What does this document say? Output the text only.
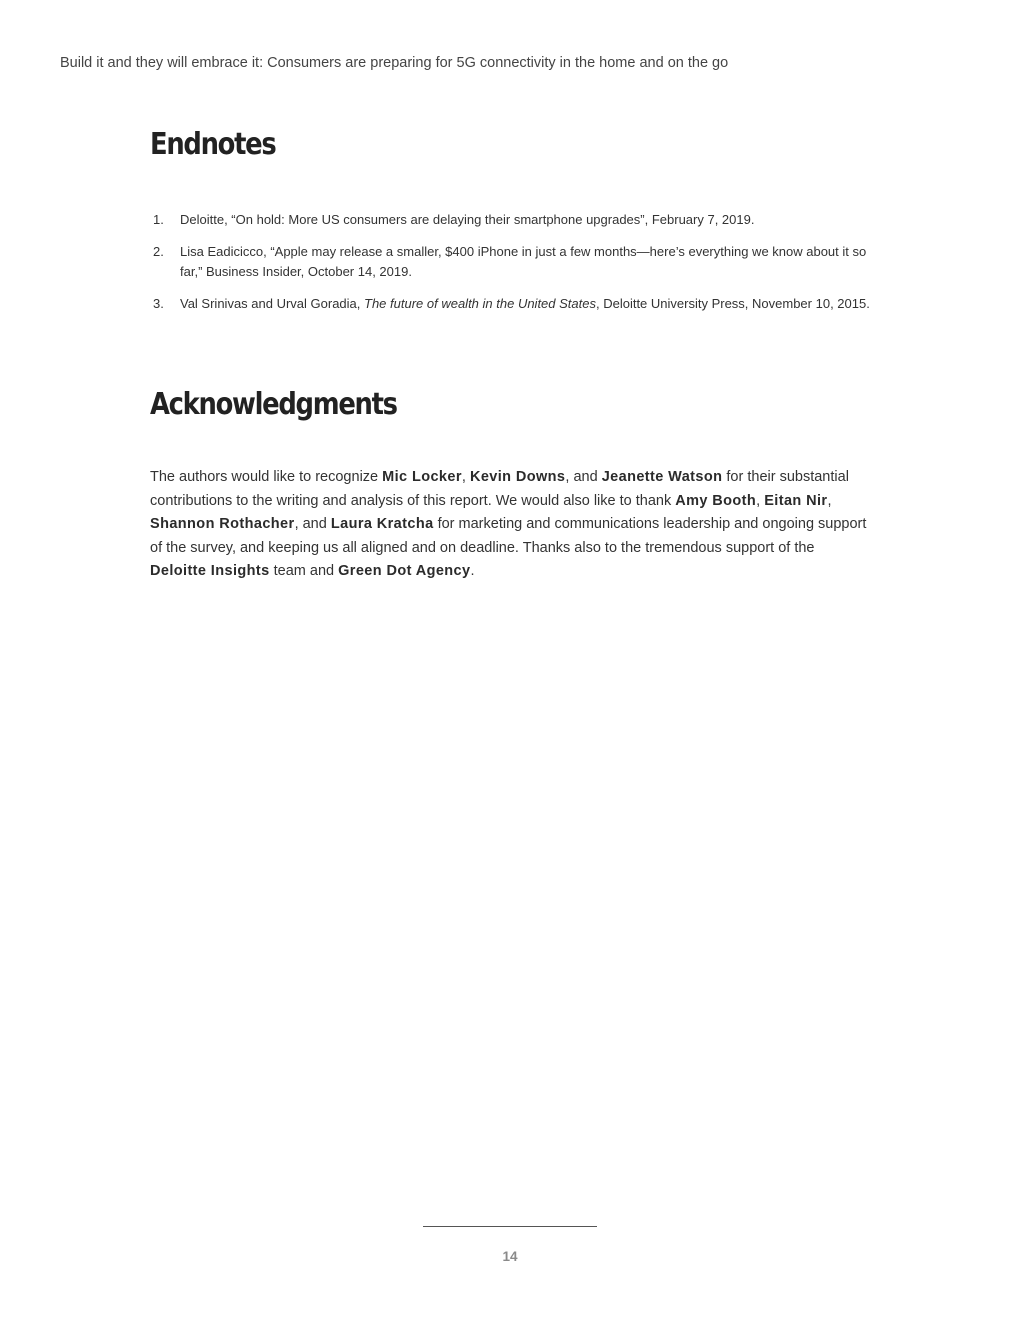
Build it and they will embrace it: Consumers are preparing for 5G connectivity in the home and on the go
Endnotes
1. Deloitte, “On hold: More US consumers are delaying their smartphone upgrades”, February 7, 2019.
2. Lisa Eadicicco, “Apple may release a smaller, $400 iPhone in just a few months—here’s everything we know about it so far,” Business Insider, October 14, 2019.
3. Val Srinivas and Urval Goradia, The future of wealth in the United States, Deloitte University Press, November 10, 2015.
Acknowledgments

The authors would like to recognize Mic Locker, Kevin Downs, and Jeanette Watson for their substantial contributions to the writing and analysis of this report. We would also like to thank Amy Booth, Eitan Nir, Shannon Rothacher, and Laura Kratcha for marketing and communications leadership and ongoing support of the survey, and keeping us all aligned and on deadline. Thanks also to the tremendous support of the Deloitte Insights team and Green Dot Agency.

14
